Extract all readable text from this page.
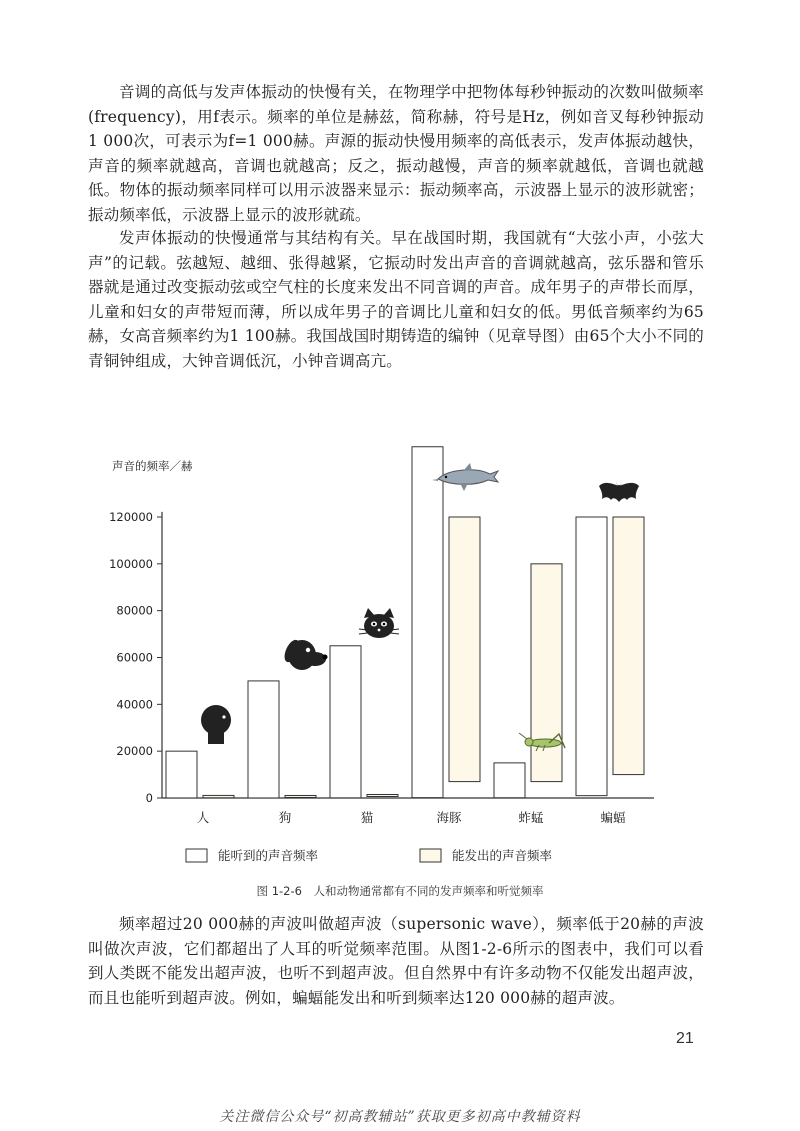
音调的高低与发声体振动的快慢有关，在物理学中把物体每秒钟振动的次数叫做频率(frequency)，用f表示。频率的单位是赫兹，简称赫，符号是Hz，例如音叉每秒钟振动1 000次，可表示为f=1 000赫。声源的振动快慢用频率的高低表示，发声体振动越快，声音的频率就越高，音调也就越高；反之，振动越慢，声音的频率就越低，音调也就越低。物体的振动频率同样可以用示波器来显示：振动频率高，示波器上显示的波形就密；振动频率低，示波器上显示的波形就疏。

发声体振动的快慢通常与其结构有关。早在战国时期，我国就有“大弦小声，小弦大声”的记载。弦越短、越细、张得越紧，它振动时发出声音的音调就越高，弦乐器和管乐器就是通过改变振动弦或空气柱的长度来发出不同音调的声音。成年男子的声带长而厚，儿童和妇女的声带短而薄，所以成年男子的音调比儿童和妇女的低。男低音频率约为65赫，女高音频率约为1 100赫。我国战国时期铸造的编钟（见章导图）由65个大小不同的青铜钟组成，大钟音调低沉，小钟音调高亢。

0
20000
40000
60000
80000
100000
120000
声音的频率／赫
人	狗	猫	海豚	蚱蜢	蝙蝠
能听到的声音频率	能发出的声音频率
图 1-2-6　人和动物通常都有不同的发声频率和听觉频率

频率超过20 000赫的声波叫做超声波（supersonic wave），频率低于20赫的声波叫做次声波，它们都超出了人耳的听觉频率范围。从图1-2-6所示的图表中，我们可以看到人类既不能发出超声波，也听不到超声波。但自然界中有许多动物不仅能发出超声波，而且也能听到超声波。例如，蝙蝠能发出和听到频率达120 000赫的超声波。

21
关注微信公众号“初高教辅站”获取更多初高中教辅资料
